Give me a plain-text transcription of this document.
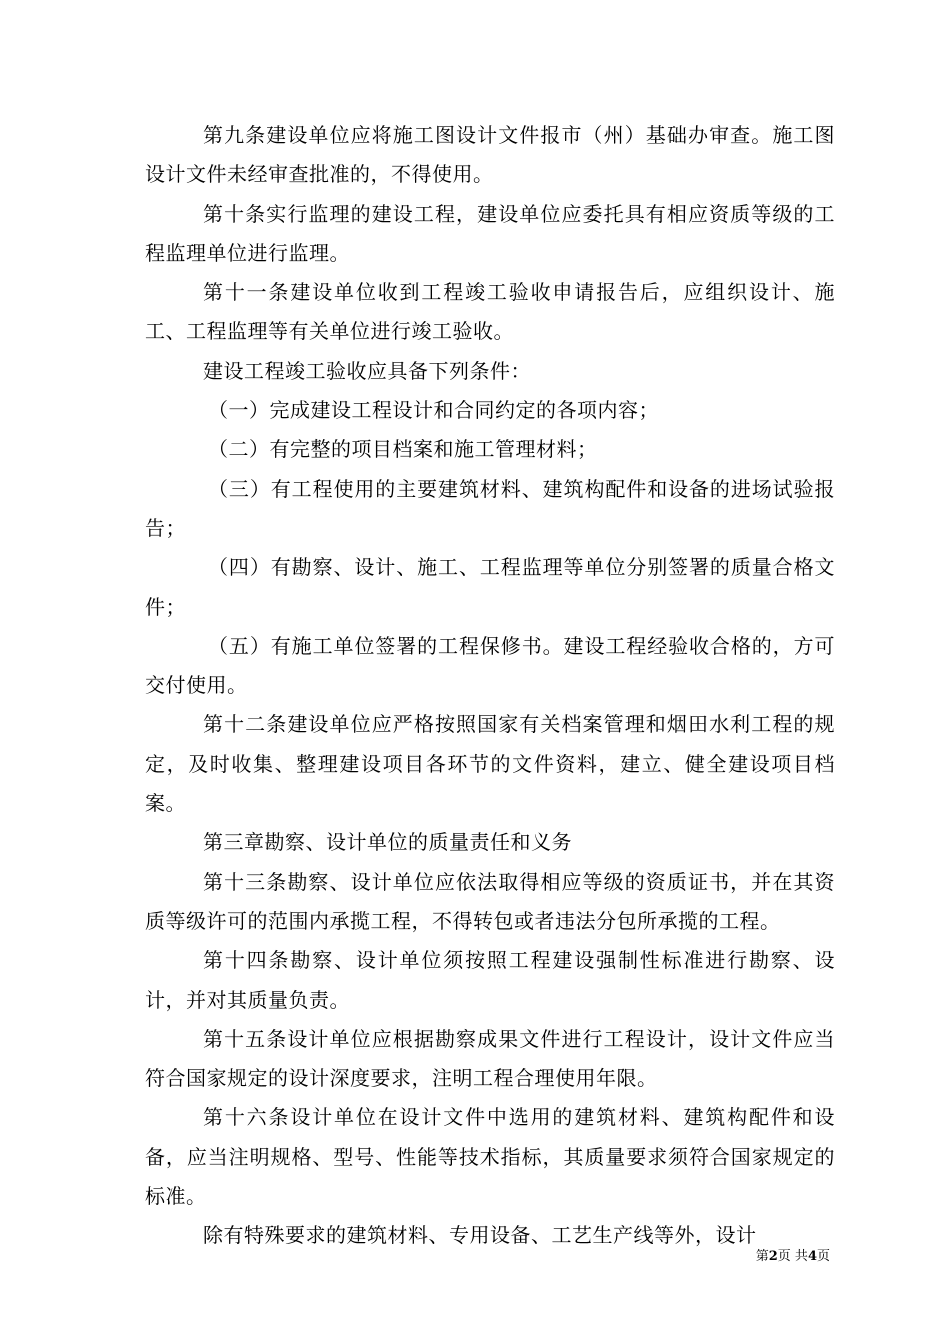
第九条建设单位应将施工图设计文件报市（州）基础办审查。施工图设计文件未经审查批准的，不得使用。

第十条实行监理的建设工程，建设单位应委托具有相应资质等级的工程监理单位进行监理。

第十一条建设单位收到工程竣工验收申请报告后，应组织设计、施工、工程监理等有关单位进行竣工验收。

建设工程竣工验收应具备下列条件：

（一）完成建设工程设计和合同约定的各项内容；

（二）有完整的项目档案和施工管理材料；

（三）有工程使用的主要建筑材料、建筑构配件和设备的进场试验报告；

（四）有勘察、设计、施工、工程监理等单位分别签署的质量合格文件；

（五）有施工单位签署的工程保修书。建设工程经验收合格的，方可交付使用。

第十二条建设单位应严格按照国家有关档案管理和烟田水利工程的规定，及时收集、整理建设项目各环节的文件资料，建立、健全建设项目档案。

第三章勘察、设计单位的质量责任和义务

第十三条勘察、设计单位应依法取得相应等级的资质证书，并在其资质等级许可的范围内承揽工程，不得转包或者违法分包所承揽的工程。

第十四条勘察、设计单位须按照工程建设强制性标准进行勘察、设计，并对其质量负责。

第十五条设计单位应根据勘察成果文件进行工程设计，设计文件应当符合国家规定的设计深度要求，注明工程合理使用年限。

第十六条设计单位在设计文件中选用的建筑材料、建筑构配件和设备，应当注明规格、型号、性能等技术指标，其质量要求须符合国家规定的标准。

除有特殊要求的建筑材料、专用设备、工艺生产线等外，设计

第2页 共4页
